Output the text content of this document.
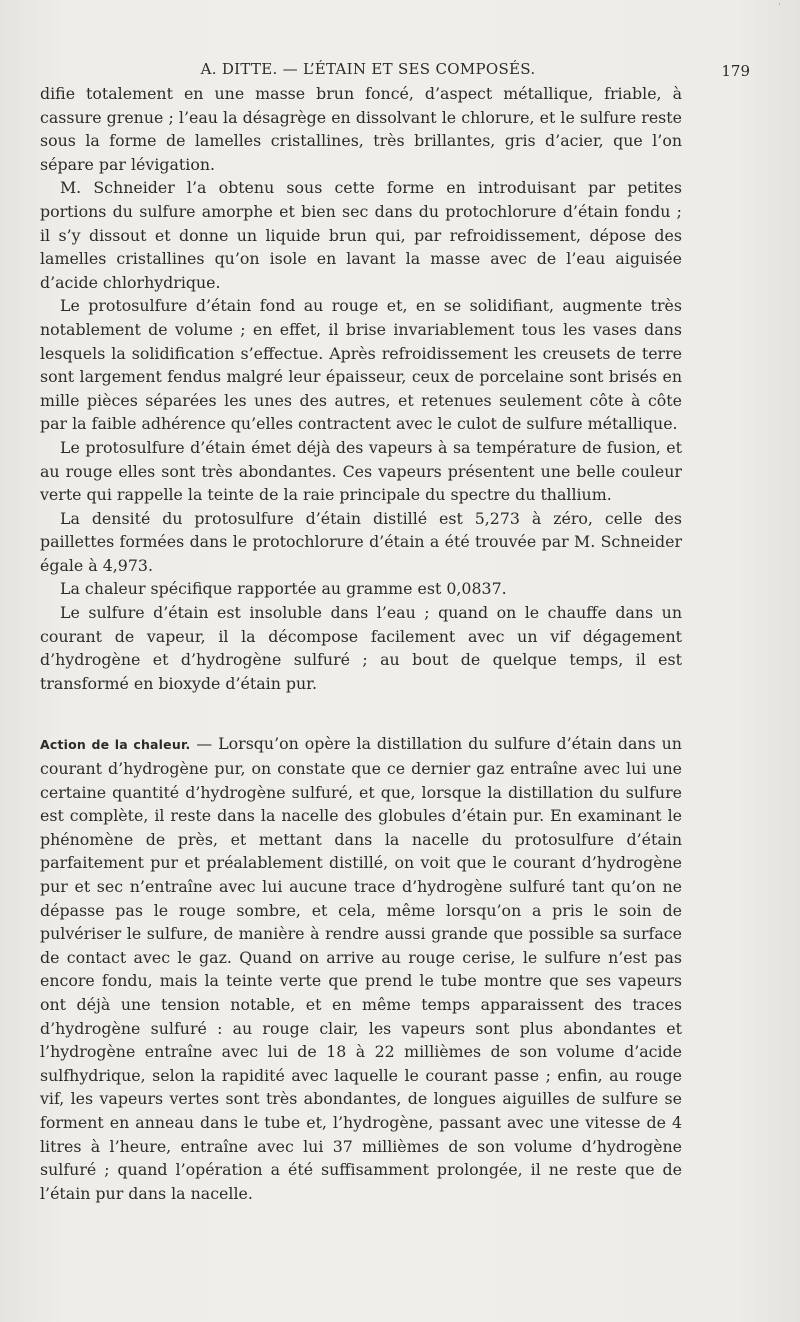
·
A. DITTE. — L’ÉTAIN ET SES COMPOSÉS.	179

difie totalement en une masse brun foncé, d’aspect métallique, friable, à cassure grenue ; l’eau la désagrège en dissolvant le chlorure, et le sulfure reste sous la forme de lamelles cristallines, très brillantes, gris d’acier, que l’on sépare par lévigation.

M. Schneider l’a obtenu sous cette forme en introduisant par petites portions du sulfure amorphe et bien sec dans du protochlorure d’étain fondu ; il s’y dissout et donne un liquide brun qui, par refroidissement, dépose des lamelles cristallines qu’on isole en lavant la masse avec de l’eau aiguisée d’acide chlorhydrique.

Le protosulfure d’étain fond au rouge et, en se solidifiant, augmente très notablement de volume ; en effet, il brise invariablement tous les vases dans lesquels la solidification s’effectue. Après refroidissement les creusets de terre sont largement fendus malgré leur épaisseur, ceux de porcelaine sont brisés en mille pièces séparées les unes des autres, et retenues seulement côte à côte par la faible adhérence qu’elles contractent avec le culot de sulfure métallique.

Le protosulfure d’étain émet déjà des vapeurs à sa température de fusion, et au rouge elles sont très abondantes. Ces vapeurs présentent une belle couleur verte qui rappelle la teinte de la raie principale du spectre du thallium.

La densité du protosulfure d’étain distillé est 5,273 à zéro, celle des paillettes formées dans le protochlorure d’étain a été trouvée par M. Schneider égale à 4,973.

La chaleur spécifique rapportée au gramme est 0,0837.

Le sulfure d’étain est insoluble dans l’eau ; quand on le chauffe dans un courant de vapeur, il la décompose facilement avec un vif dégagement d’hydrogène et d’hydrogène sulfuré ; au bout de quelque temps, il est transformé en bioxyde d’étain pur.

Action de la chaleur. — Lorsqu’on opère la distillation du sulfure d’étain dans un courant d’hydrogène pur, on constate que ce dernier gaz entraîne avec lui une certaine quantité d’hydrogène sulfuré, et que, lorsque la distillation du sulfure est complète, il reste dans la nacelle des globules d’étain pur. En examinant le phénomène de près, et mettant dans la nacelle du protosulfure d’étain parfaitement pur et préalablement distillé, on voit que le courant d’hydrogène pur et sec n’entraîne avec lui aucune trace d’hydrogène sulfuré tant qu’on ne dépasse pas le rouge sombre, et cela, même lorsqu’on a pris le soin de pulvériser le sulfure, de manière à rendre aussi grande que possible sa surface de contact avec le gaz. Quand on arrive au rouge cerise, le sulfure n’est pas encore fondu, mais la teinte verte que prend le tube montre que ses vapeurs ont déjà une tension notable, et en même temps apparaissent des traces d’hydrogène sulfuré : au rouge clair, les vapeurs sont plus abondantes et l’hydrogène entraîne avec lui de 18 à 22 millièmes de son volume d’acide sulfhydrique, selon la rapidité avec laquelle le courant passe ; enfin, au rouge vif, les vapeurs vertes sont très abondantes, de longues aiguilles de sulfure se forment en anneau dans le tube et, l’hydrogène, passant avec une vitesse de 4 litres à l’heure, entraîne avec lui 37 millièmes de son volume d’hydrogène sulfuré ; quand l’opération a été suffisamment prolongée, il ne reste que de l’étain pur dans la nacelle.
